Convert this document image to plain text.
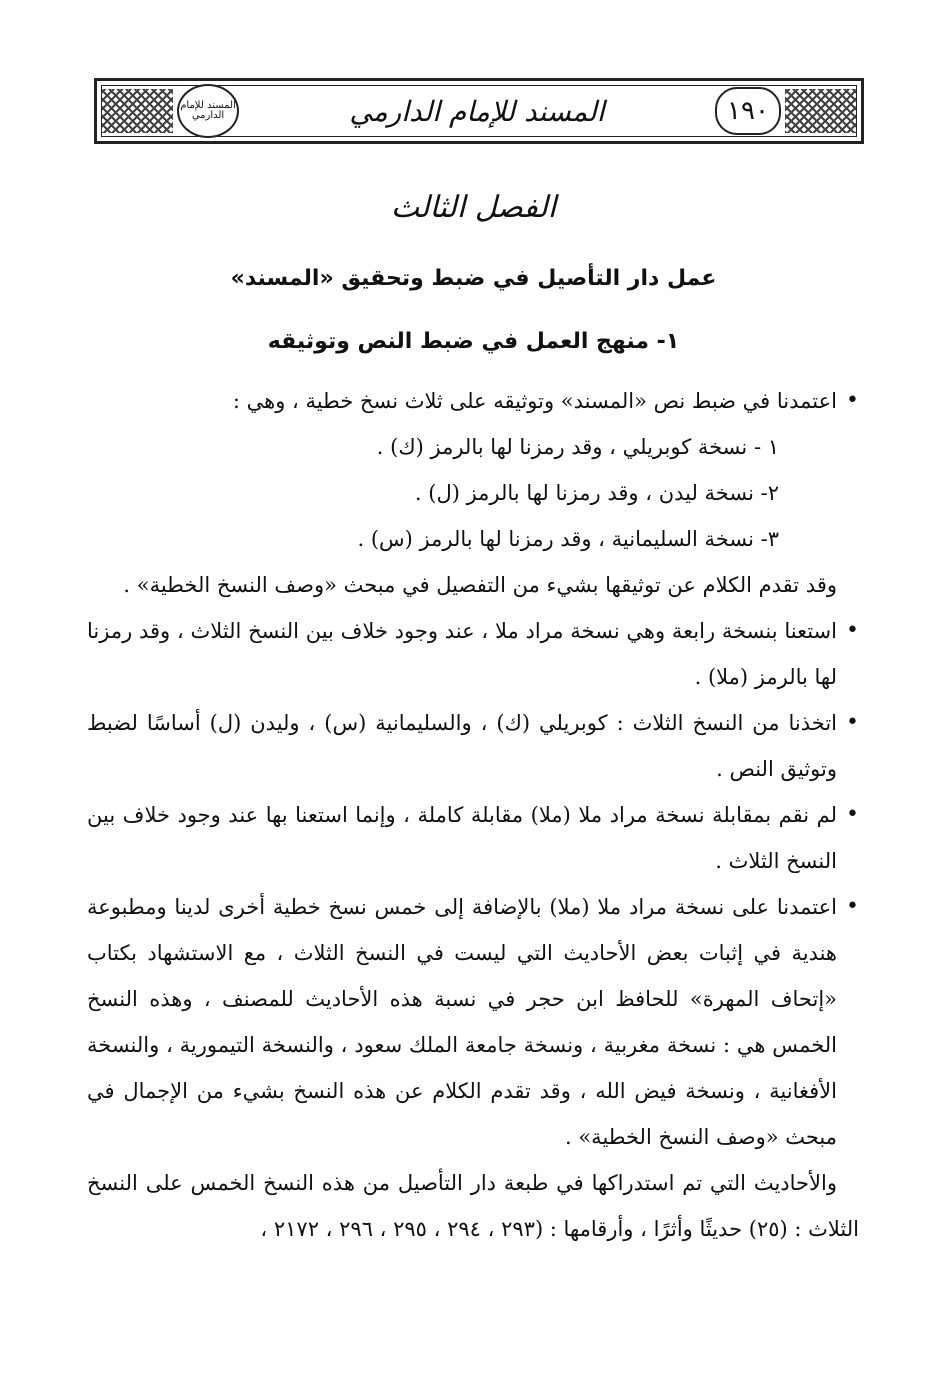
١٩٠
المسند للإمام الدارمي
المسند للإمام الدارمي
الفصل الثالث
عمل دار التأصيل في ضبط وتحقيق «المسند»
١- منهج العمل في ضبط النص وتوثيقه

•
اعتمدنا في ضبط نص «المسند» وتوثيقه على ثلاث نسخ خطية ، وهي :

١ - نسخة كوبريلي ، وقد رمزنا لها بالرمز (ك) .

٢- نسخة ليدن ، وقد رمزنا لها بالرمز (ل) .

٣- نسخة السليمانية ، وقد رمزنا لها بالرمز (س) .

وقد تقدم الكلام عن توثيقها بشيء من التفصيل في مبحث «وصف النسخ الخطية» .

•
استعنا بنسخة رابعة وهي نسخة مراد ملا ، عند وجود خلاف بين النسخ الثلاث ، وقد رمزنا لها بالرمز (ملا) .

•
اتخذنا من النسخ الثلاث : كوبريلي (ك) ، والسليمانية (س) ، وليدن (ل) أساسًا لضبط وتوثيق النص .

•
لم نقم بمقابلة نسخة مراد ملا (ملا) مقابلة كاملة ، وإنما استعنا بها عند وجود خلاف بين النسخ الثلاث .

•
اعتمدنا على نسخة مراد ملا (ملا) بالإضافة إلى خمس نسخ خطية أخرى لدينا ومطبوعة هندية في إثبات بعض الأحاديث التي ليست في النسخ الثلاث ، مع الاستشهاد بكتاب «إتحاف المهرة» للحافظ ابن حجر في نسبة هذه الأحاديث للمصنف ، وهذه النسخ الخمس هي : نسخة مغربية ، ونسخة جامعة الملك سعود ، والنسخة التيمورية ، والنسخة الأفغانية ، ونسخة فيض الله ، وقد تقدم الكلام عن هذه النسخ بشيء من الإجمال في مبحث «وصف النسخ الخطية» .

والأحاديث التي تم استدراكها في طبعة دار التأصيل من هذه النسخ الخمس على النسخ الثلاث : (٢٥) حديثًا وأثرًا ، وأرقامها : (٢٩٣ ، ٢٩٤ ، ٢٩٥ ، ٢٩٦ ، ٢١٧٢ ،
